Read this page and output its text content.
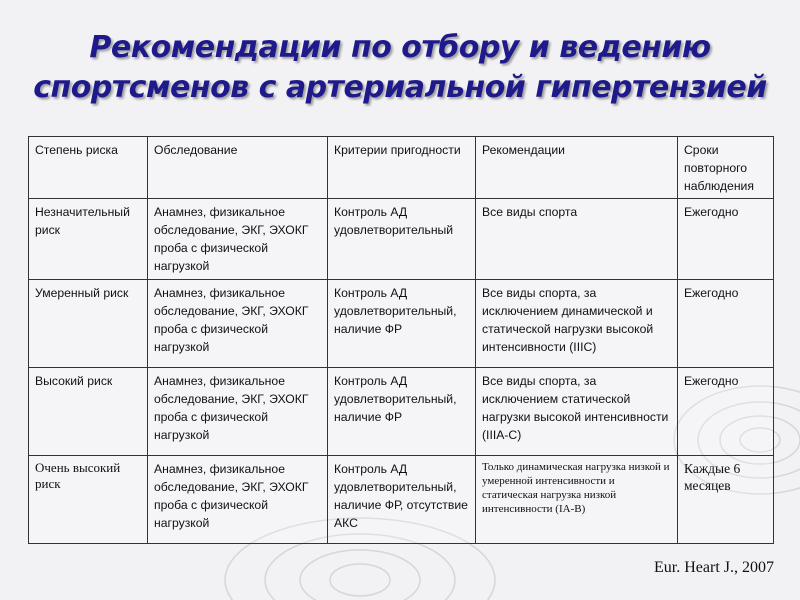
Рекомендации по отбору и ведению
спортсменов с артериальной гипертензией
Степень риска	Обследование	Критерии пригодности	Рекомендации	Сроки повторного наблюдения
Незначительный риск	Анамнез, физикальное обследование, ЭКГ, ЭХОКГ проба с физической нагрузкой	Контроль АД удовлетворительный	Все виды спорта	Ежегодно
Умеренный риск	Анамнез, физикальное обследование, ЭКГ, ЭХОКГ проба с физической нагрузкой	Контроль АД удовлетворительный, наличие ФР	Все виды спорта, за исключением динамической и статической нагрузки высокой интенсивности (IIIC)	Ежегодно
Высокий риск	Анамнез, физикальное обследование, ЭКГ, ЭХОКГ проба с физической нагрузкой	Контроль АД удовлетворительный, наличие ФР	Все виды спорта, за исключением статической нагрузки высокой интенсивности (IIIA-C)	Ежегодно
Очень высокий риск	Анамнез, физикальное обследование, ЭКГ, ЭХОКГ проба с физической нагрузкой	Контроль АД удовлетворительный, наличие ФР, отсутствие АКС	Только динамическая нагрузка низкой и умеренной интенсивности и статическая нагрузка низкой интенсивности (IA-B)	Каждые 6 месяцев
Eur. Heart J., 2007
